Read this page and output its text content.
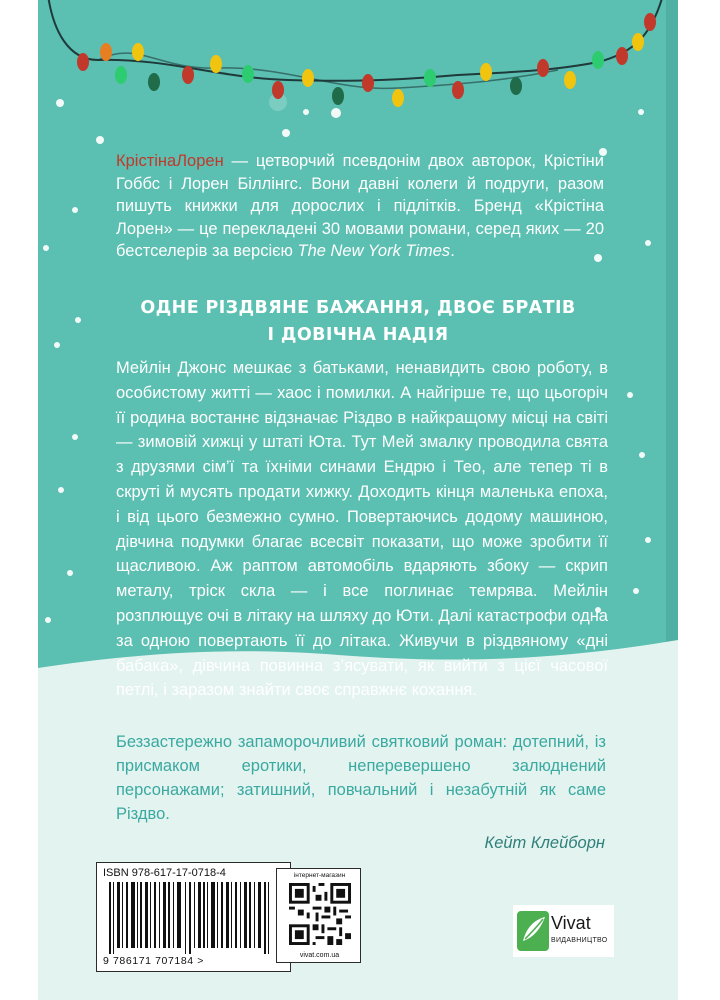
КрістінаЛорен — цетворчий псевдонім двох авторок, Крістіни Гоббс і Лорен Біллінгс. Вони давні колеги й подруги, разом пишуть книжки для дорослих і підлітків. Бренд «Крістіна Лорен» — це перекладені 30 мовами романи, серед яких — 20 бестселерів за версією The New York Times.

ОДНЕ РІЗДВЯНЕ БАЖАННЯ, ДВОЄ БРАТІВ
І ДОВІЧНА НАДІЯ

Мейлін Джонс мешкає з батьками, ненавидить свою роботу, в особистому житті — хаос і помилки. А найгірше те, що цьогоріч її родина востаннє відзначає Різдво в найкращому місці на світі — зимовій хижці у штаті Юта. Тут Мей змалку проводила свята з друзями сім’ї та їхніми синами Ендрю і Тео, але тепер ті в скруті й мусять продати хижку. Доходить кінця маленька епоха, і від цього безмежно сумно. Повертаючись додому машиною, дівчина подумки благає всесвіт показати, що може зробити її щасливою. Аж раптом автомобіль вдаряють збоку — скрип металу, тріск скла — і все поглинає темрява. Мейлін розплющує очі в літаку на шляху до Юти. Далі катастрофи одна за одною повертають її до літака. Живучи в різдвяному «дні бабака», дівчина повинна з’ясувати, як вийти з цієї часової петлі, і заразом знайти своє справжнє кохання.

Беззастережно запаморочливий святковий роман: дотепний, із присмаком еротики, неперевершено залюднений персонажами; затишний, повчальний і незабутній як саме Різдво.

Кейт Клейборн
ISBN 978-617-17-0718-4
9 786171 707184 >
інтернет-магазин
vivat.com.ua
Vivat
ВИДАВНИЦТВО
